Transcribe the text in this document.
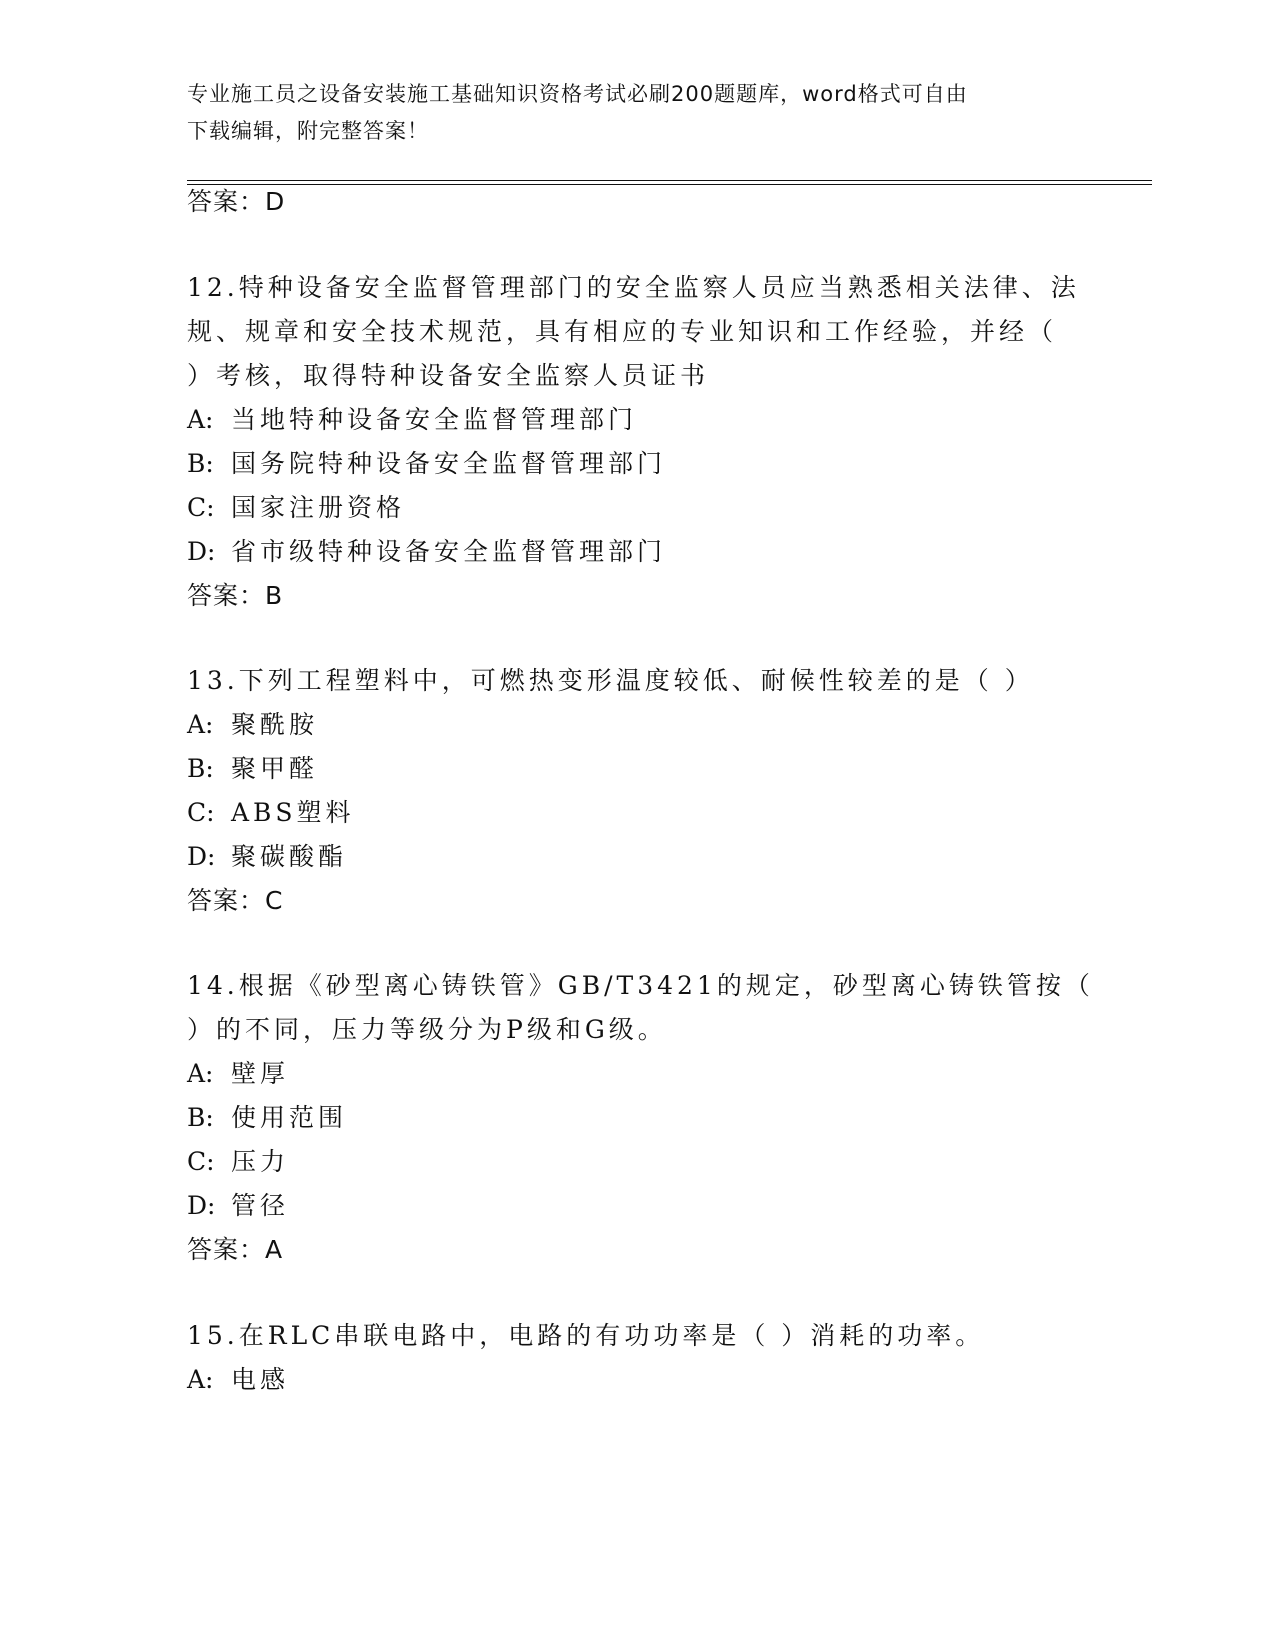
专业施工员之设备安装施工基础知识资格考试必刷200题题库，word格式可自由
下载编辑，附完整答案！
答案：D
12.特种设备安全监督管理部门的安全监察人员应当熟悉相关法律、法
规、规章和安全技术规范，具有相应的专业知识和工作经验，并经（
）考核，取得特种设备安全监察人员证书
A: 当地特种设备安全监督管理部门
B: 国务院特种设备安全监督管理部门
C: 国家注册资格
D: 省市级特种设备安全监督管理部门
答案：B
13.下列工程塑料中，可燃热变形温度较低、耐候性较差的是（ ）
A: 聚酰胺
B: 聚甲醛
C: ABS塑料
D: 聚碳酸酯
答案：C
14.根据《砂型离心铸铁管》GB/T3421的规定，砂型离心铸铁管按（
）的不同，压力等级分为P级和G级。
A: 壁厚
B: 使用范围
C: 压力
D: 管径
答案：A
15.在RLC串联电路中，电路的有功功率是（ ）消耗的功率。
A: 电感
